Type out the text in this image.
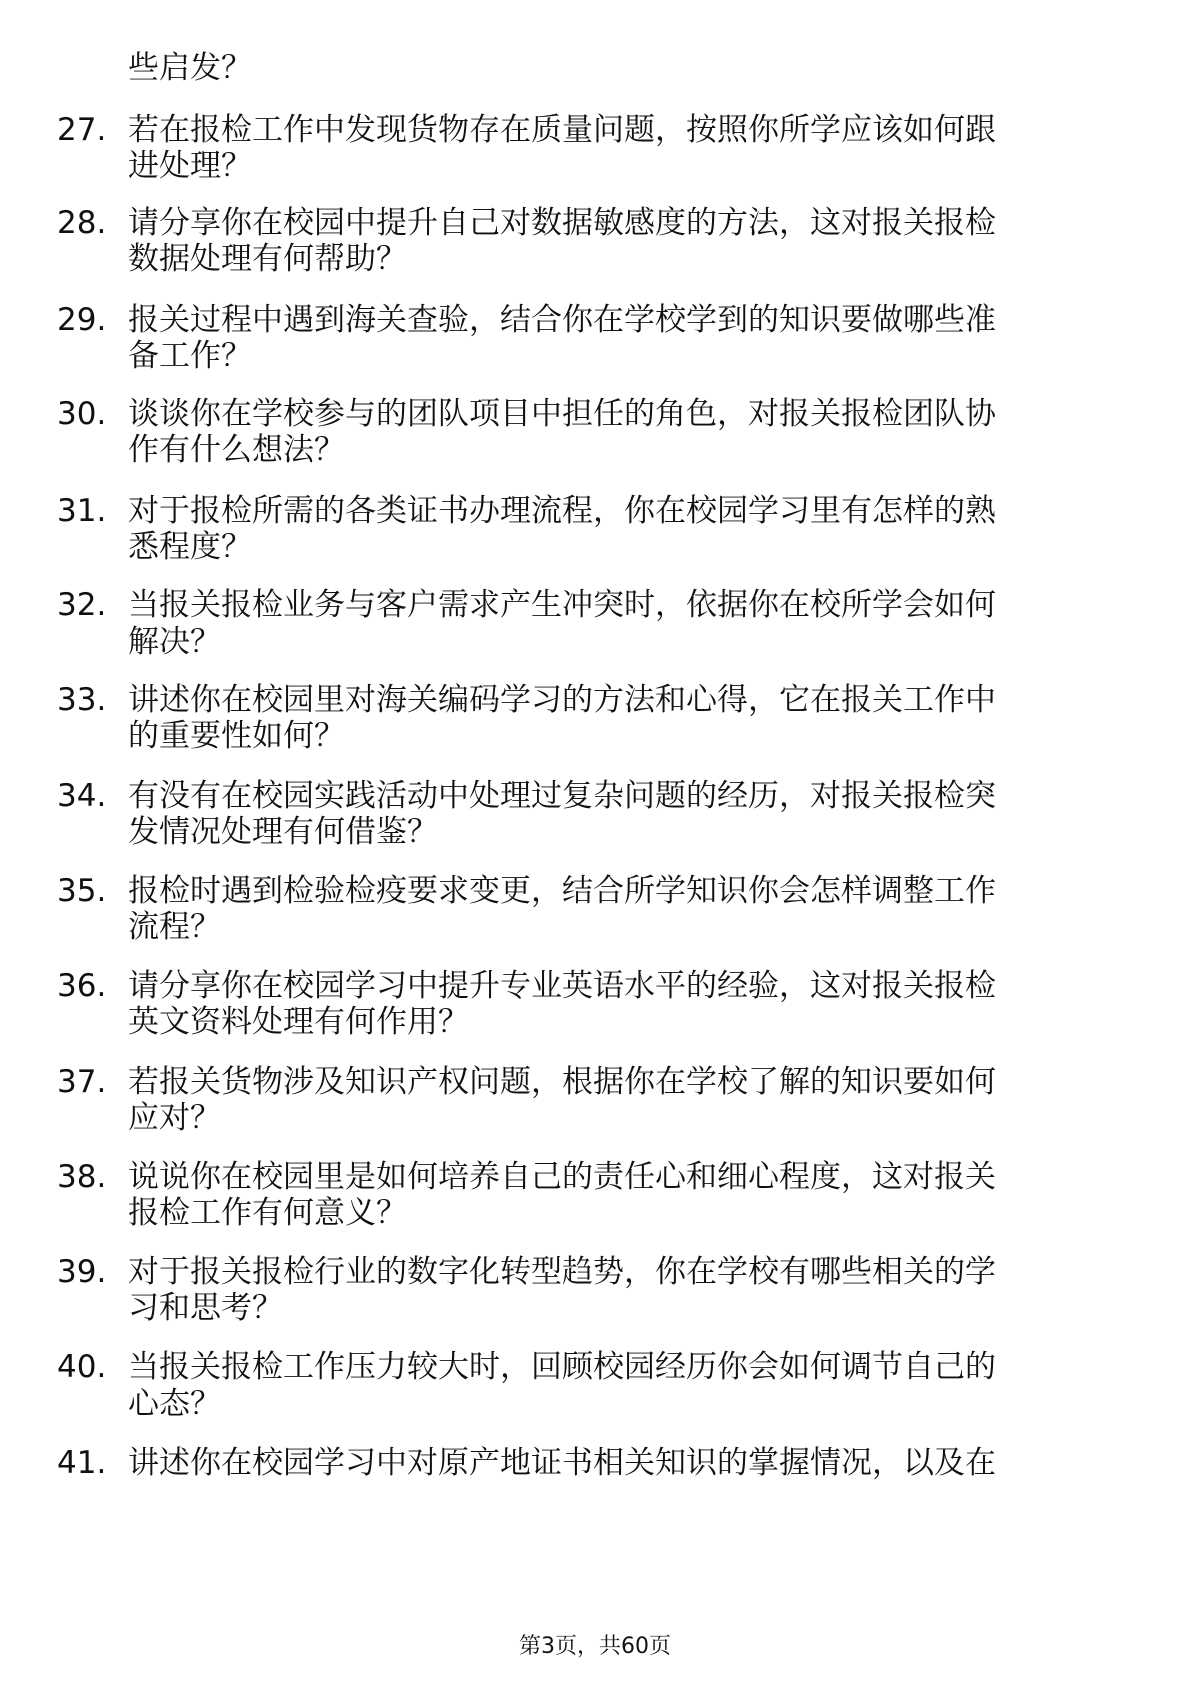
些启发？
27. 若在报检工作中发现货物存在质量问题，按照你所学应该如何跟
进处理？
28. 请分享你在校园中提升自己对数据敏感度的方法，这对报关报检
数据处理有何帮助？
29. 报关过程中遇到海关查验，结合你在学校学到的知识要做哪些准
备工作？
30. 谈谈你在学校参与的团队项目中担任的角色，对报关报检团队协
作有什么想法？
31. 对于报检所需的各类证书办理流程，你在校园学习里有怎样的熟
悉程度？
32. 当报关报检业务与客户需求产生冲突时，依据你在校所学会如何
解决？
33. 讲述你在校园里对海关编码学习的方法和心得，它在报关工作中
的重要性如何？
34. 有没有在校园实践活动中处理过复杂问题的经历，对报关报检突
发情况处理有何借鉴？
35. 报检时遇到检验检疫要求变更，结合所学知识你会怎样调整工作
流程？
36. 请分享你在校园学习中提升专业英语水平的经验，这对报关报检
英文资料处理有何作用？
37. 若报关货物涉及知识产权问题，根据你在学校了解的知识要如何
应对？
38. 说说你在校园里是如何培养自己的责任心和细心程度，这对报关
报检工作有何意义？
39. 对于报关报检行业的数字化转型趋势，你在学校有哪些相关的学
习和思考？
40. 当报关报检工作压力较大时，回顾校园经历你会如何调节自己的
心态？
41. 讲述你在校园学习中对原产地证书相关知识的掌握情况，以及在
第3页，共60页
